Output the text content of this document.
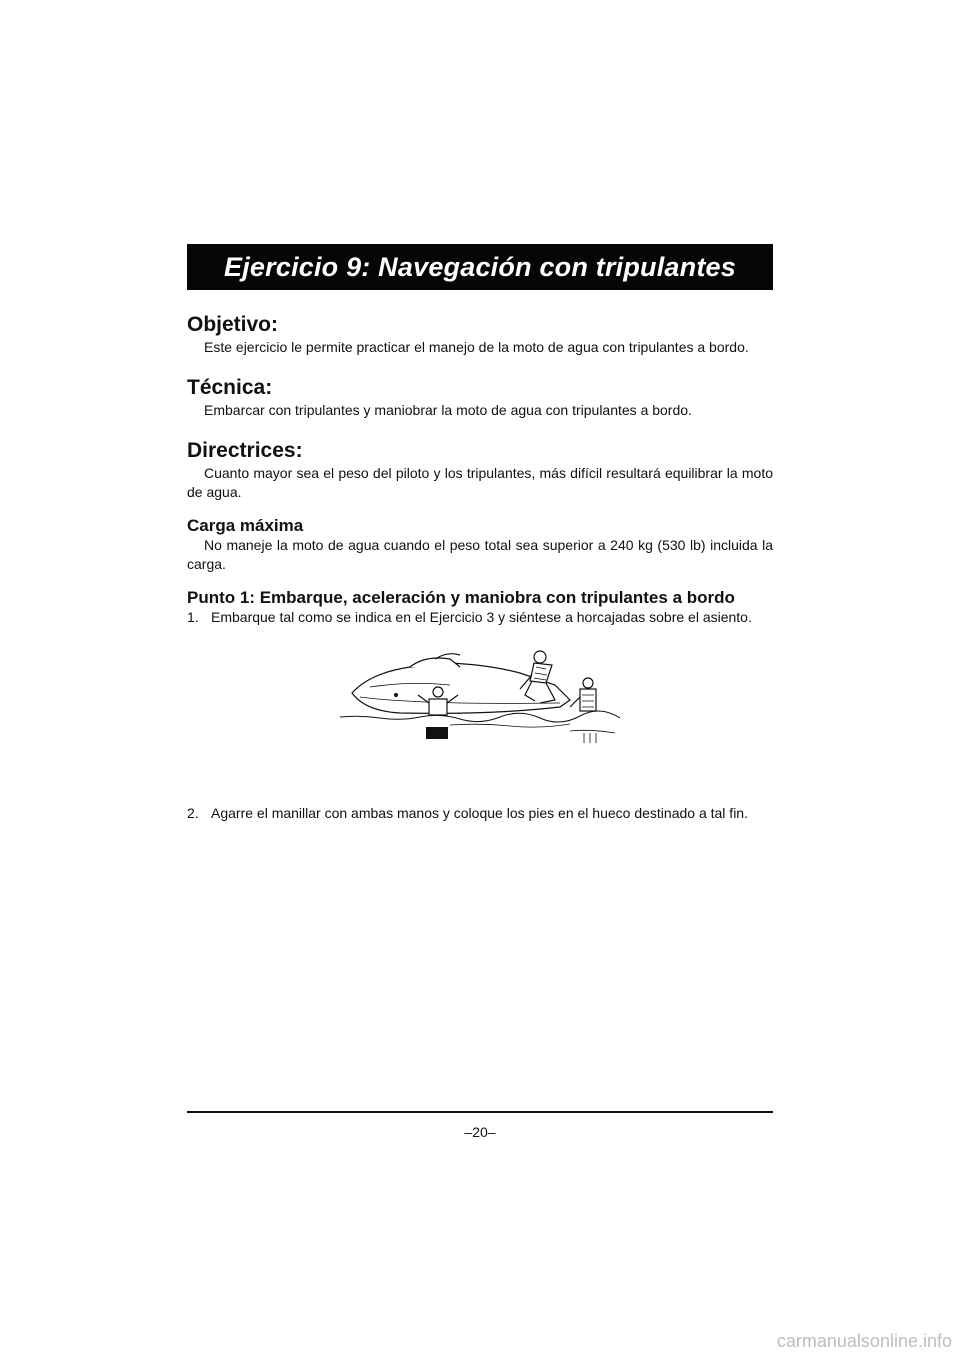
Ejercicio 9: Navegación con tripulantes
Objetivo:

Este ejercicio le permite practicar el manejo de la moto de agua con tripulantes a bordo.

Técnica:

Embarcar con tripulantes y maniobrar la moto de agua con tripulantes a bordo.

Directrices:

Cuanto mayor sea el peso del piloto y los tripulantes, más difícil resultará equilibrar la moto de agua.

Carga máxima

No maneje la moto de agua cuando el peso total sea superior a 240 kg (530 lb) incluida la carga.

Punto 1: Embarque, aceleración y maniobra con tripulantes a bordo
1. Embarque tal como se indica en el Ejercicio 3 y siéntese a horcajadas sobre el asiento.
2. Agarre el manillar con ambas manos y coloque los pies en el hueco destinado a tal fin.
–20–
carmanualsonline.info
